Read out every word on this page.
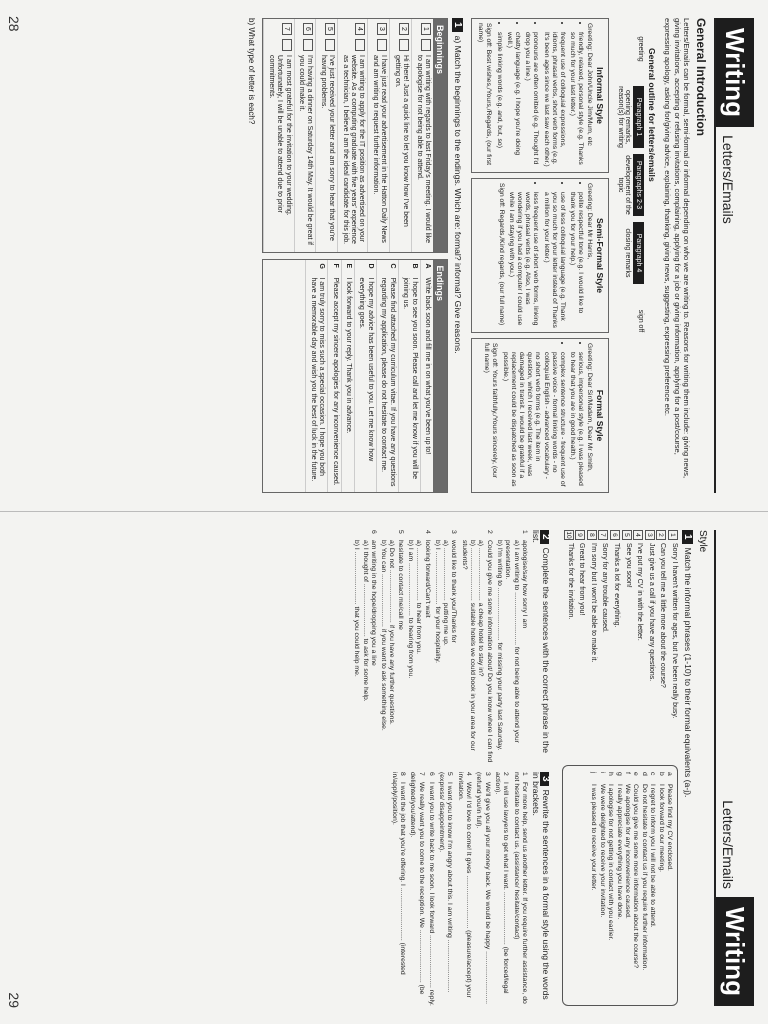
Writing
Letters/Emails
General Introduction

Letters/Emails can be formal, semi-formal or informal depending on who we are writing to. Reasons for writing them include: giving news, giving invitations, accepting or refusing invitations, complaining, applying for a job or giving information, applying for a post/course, expressing apology, asking for/giving advice, explaining, thanking, giving news, suggesting, expressing preference etc.

General outline for letters/emails
greeting
Paragraph 1
opening remarks, reason(s) for writing
Paragraphs 2-3
development of the topic
Paragraph 4
closing remarks
sign off
Informal Style
Greeting: Dear John/Uncle Jim/Mum, etc
• friendly, relaxed, personal style (e.g. Thanks so much for your last letter.)
• frequent use of colloquial expressions, idioms, phrasal verbs, short verb forms (e.g. It's been ages since we last saw each other.)
• pronouns are often omitted (e.g. Thought I'd drop you a line.)
• chatty language (e.g. I hope you're doing well.)
• simple linking words (e.g. and, but, so)
Sign off: Best wishes,/Yours,/Regards, (our first name)
Semi-Formal Style
Greeting: Dear Mr Harris,
• polite respectful tone (e.g. I would like to thank you for your help.)
• use of less colloquial language (e.g. Thank you so much for your letter instead of Thanks a million for your letter.)
• less frequent use of short verb forms, linking words, phrasal verbs (e.g. Also, I was wondering if you had a computer I could use while I am staying with you.)
Sign off: Regards,/Kind regards, (our full name)
Formal Style
Greeting: Dear Sir/Madam, Dear Mr Smith,
• serious, impersonal style (e.g. I was pleased to hear that you are in good health.)
• complex sentence structure - frequent use of passive voice - formal linking words - no colloquial English - advanced vocabulary - no short verb forms (e.g. The item in question, which I received last week, was damaged in transit. I would be grateful if a replacement could be dispatched as soon as possible.)
Sign off: Yours faithfully,/Yours sincerely, (our full name)
1a) Match the beginnings to the endings. Which are: formal? informal? Give reasons.
Beginnings
1
I am writing with regards to last Friday's meeting. I would like to apologise for not being able to attend.
2
Hi there! Just a quick line to let you know how I've been getting on.
3
I have just read your advertisement in the Hatton Daily News and am writing to request further information.
4
I am writing to apply for the IT position as advertised on your website. As a computing graduate with five years' experience as a technician, I believe I am the ideal candidate for this job.
5
I've just received your letter and am sorry to hear that you're having problems.
6
I'm having a dinner on Saturday 14th May. It would be great if you could make it.
7
I am most grateful for the invitation to your wedding. Unfortunately, I will be unable to attend due to prior commitments.
Endings
A
Write back soon and fill me in on what you've been up to!
B
I hope to see you soon. Please call and let me know if you will be joining us.
C
Please find attached my curriculum vitae. If you have any questions regarding my application, please do not hesitate to contact me.
D
I hope my advice has been useful to you. Let me know how everything goes.
E
I look forward to your reply. Thank you in advance.
F
Please accept my sincere apologies for any inconvenience caused.
G
I am truly sorry to miss such a special occasion. I hope you both have a memorable day and wish you the best of luck in the future.
b) What type of letter is each?
28
Letters/Emails
Writing
Style
1Match the informal phrases (1-10) to their formal equivalents (a-j).
1
Sorry I haven't written for ages, but I've been really busy.
2
Can you tell me a little more about the course?
3
Just give us a call if you have any questions.
4
I've put my CV in with the letter.
5
See you soon!
6
Thanks a lot for everything.
7
Sorry for any trouble caused.
8
I'm sorry but I won't be able to make it.
9
Great to hear from you!
10
Thanks for the invitation.
a
Please find my CV enclosed.
b
I look forward to our meeting.
c
I regret to inform you I will not be able to attend.
d
Do not hesitate to contact us if you require further information.
e
Could you give me some more information about the course?
f
We apologise for any inconvenience caused.
g
I really appreciate everything you have done.
h
I apologise for not getting in contact with you earlier.
i
We were delighted to receive your invitation.
j
I was pleased to receive your letter.
2Complete the sentences with the correct phrase in the list.
1apologise/say how sorry I am
a) I am writing to ............................ for not being able to attend your presentation.
b) I'm writing to ............................ for missing your party last Saturday.
2Could you give me some information about/ Do you know where I can find
a) ............................ a cheap hotel to stay in?
b) ............................ suitable hotels we could book in your area for our students?
3would like to thank you/Thanks for
a) ............................ putting me up.
b) I ............................ for your hospitality.
4looking forward/Can't wait
a) ............................ to hear from you.
b) I am ............................ to hearing from you.
5hesitate to contact me/call me
a) Do not ............................ if you have any further questions.
b) You can ............................ if you want to ask something else.
6am writing in the hope/dropping you a line
a) I thought of ............................ to ask for some help.
b) I ............................ that you could help me.
3Rewrite the sentences in a formal style using the words in brackets.
1For more help, send us another letter. If you require further assistance, do not hesitate to contact us. (assistance/ hesitate/contact)
2I will use lawyers to get what I want. ............................ (be forced/legal action).
3We'll give you all your money back. We would be happy ............................ (refund you/in full).
4Wow! I'd love to come! It gives ............................ (pleasure/accept) your invitation.
5I want you to know I'm angry about this. I am writing ............................ (express/ disappointment).
6I want you to write back to me soon. I look forward ............................ reply.
7We really want you to come to the reception. We ............................ (be delighted/you/attend).
8I want the job that you're offering. I ............................ (interested in/apply/position).
29
